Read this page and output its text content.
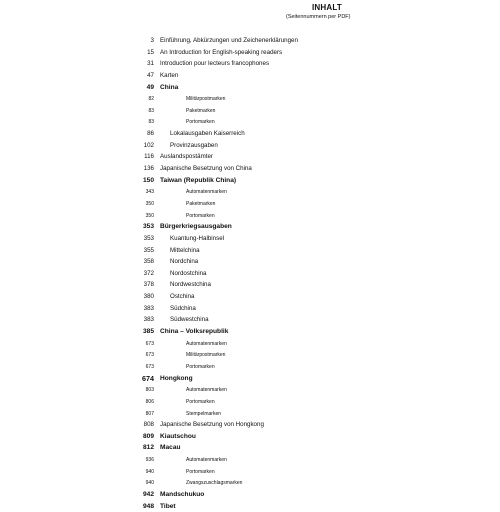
INHALT
(Seitennummern per PDF)
3 Einführung, Abkürzungen und Zeichenerklärungen
15 An Introduction for English-speaking readers
31 Introduction pour lecteurs francophones
47 Karten
49 China
82	Militärpostmarken
83	Paketmarken
83	Portomarken
86	Lokalausgaben Kaiserreich
102	Provinzausgaben
116 Auslandspostämter
136 Japanische Besetzung von China
150 Taiwan (Republik China)
343	Automatenmarken
350	Paketmarken
350	Portomarken
353 Bürgerkriegsausgaben
353	Kuantung-Halbinsel
355	Mittelchina
358	Nordchina
372	Nordostchina
378	Nordwestchina
380	Ostchina
383	Südchina
383	Südwestchina
385 China – Volksrepublik
673	Automatenmarken
673	Militärpostmarken
673	Portomarken
674 Hongkong
803	Automatenmarken
806	Portomarken
807	Stempelmarken
808 Japanische Besetzung von Hongkong
809 Kiautschou
812 Macau
936	Automatenmarken
940	Portomarken
940	Zwangszuschlagsmarken
942 Mandschukuo
948 Tibet
